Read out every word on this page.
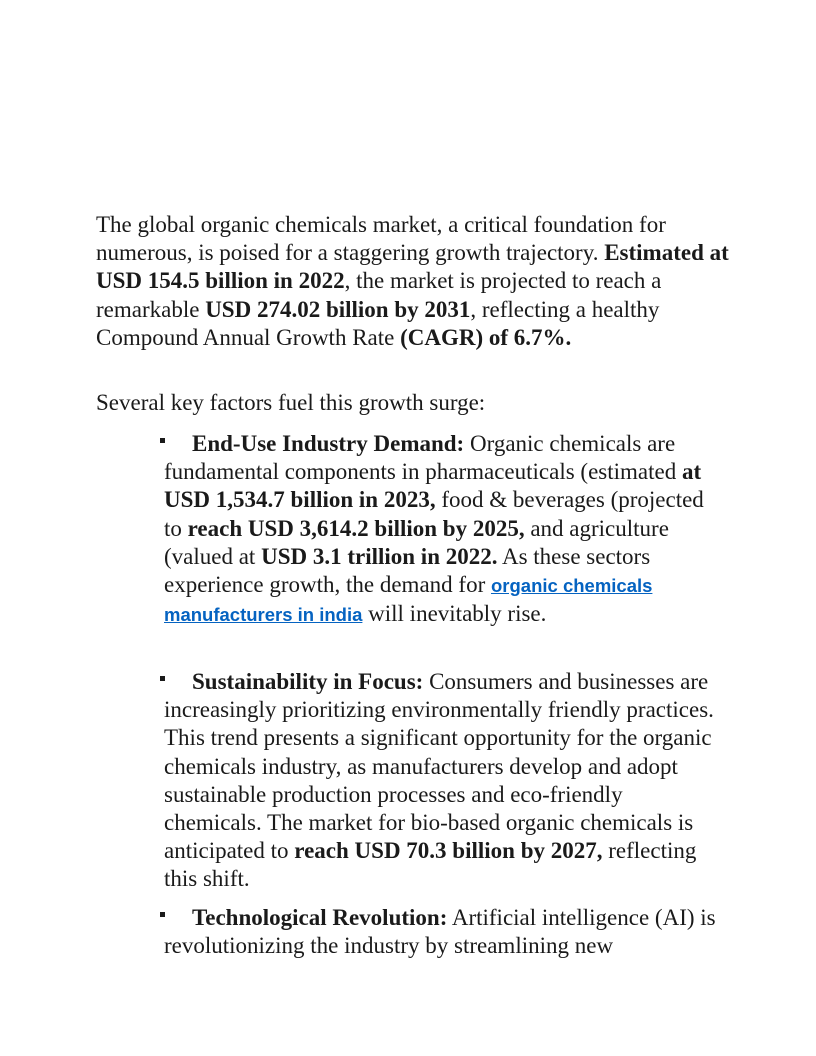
The global organic chemicals market, a critical foundation for numerous, is poised for a staggering growth trajectory. Estimated at USD 154.5 billion in 2022, the market is projected to reach a remarkable USD 274.02 billion by 2031, reflecting a healthy Compound Annual Growth Rate (CAGR) of 6.7%.

Several key factors fuel this growth surge:

End-Use Industry Demand: Organic chemicals are fundamental components in pharmaceuticals (estimated at USD 1,534.7 billion in 2023, food & beverages (projected to reach USD 3,614.2 billion by 2025, and agriculture (valued at USD 3.1 trillion in 2022. As these sectors experience growth, the demand for organic chemicals manufacturers in india will inevitably rise.

Sustainability in Focus: Consumers and businesses are increasingly prioritizing environmentally friendly practices. This trend presents a significant opportunity for the organic chemicals industry, as manufacturers develop and adopt sustainable production processes and eco-friendly chemicals. The market for bio-based organic chemicals is anticipated to reach USD 70.3 billion by 2027, reflecting this shift.

Technological Revolution: Artificial intelligence (AI) is revolutionizing the industry by streamlining new
